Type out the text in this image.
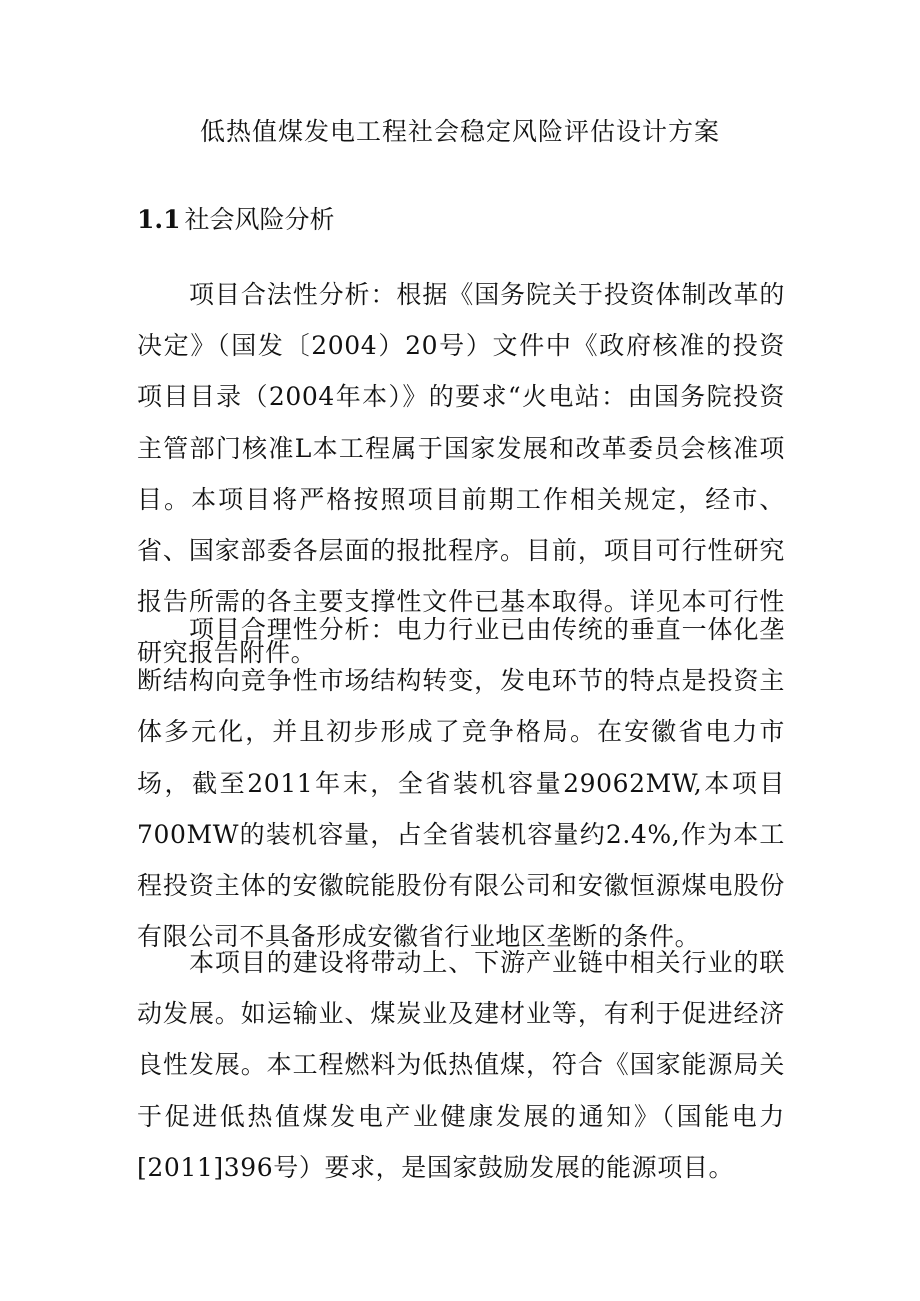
低热值煤发电工程社会稳定风险评估设计方案
1.1 社会风险分析

项目合法性分析：根据《国务院关于投资体制改革的决定》（国发〔2004）20号）文件中《政府核准的投资项目目录（2004年本）》的要求“火电站：由国务院投资主管部门核准L本工程属于国家发展和改革委员会核准项目。本项目将严格按照项目前期工作相关规定，经市、省、国家部委各层面的报批程序。目前，项目可行性研究报告所需的各主要支撑性文件已基本取得。详见本可行性研究报告附件。

项目合理性分析：电力行业已由传统的垂直一体化垄断结构向竞争性市场结构转变，发电环节的特点是投资主体多元化，并且初步形成了竞争格局。在安徽省电力市场，截至2011年末，全省装机容量29062MW,本项目700MW的装机容量，占全省装机容量约2.4%,作为本工程投资主体的安徽皖能股份有限公司和安徽恒源煤电股份有限公司不具备形成安徽省行业地区垄断的条件。

本项目的建设将带动上、下游产业链中相关行业的联动发展。如运输业、煤炭业及建材业等，有利于促进经济良性发展。本工程燃料为低热值煤，符合《国家能源局关于促进低热值煤发电产业健康发展的通知》（国能电力[2011]396号）要求，是国家鼓励发展的能源项目。
